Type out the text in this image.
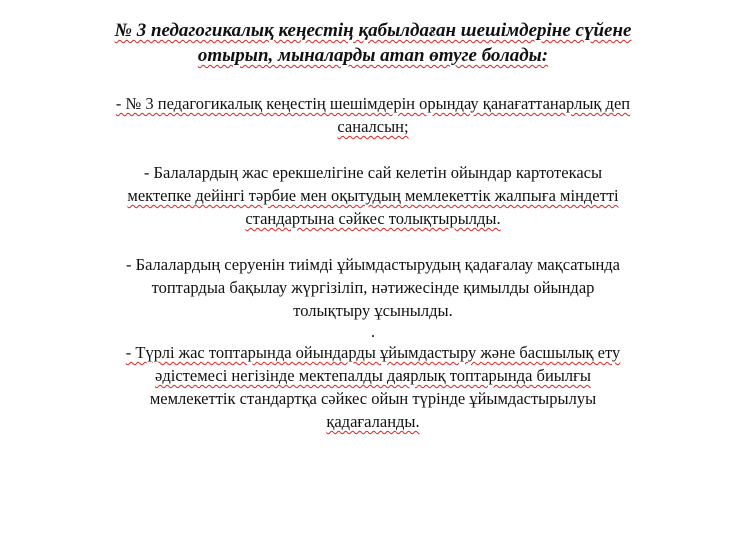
№ 3 педагогикалық кеңестің қабылдаған шешімдеріне сүйене
отырып, мыналарды атап өтуге болады:

- № 3 педагогикалық кеңестің шешімдерін орындау қанағаттанарлық деп
саналсын;

- Балалардың жас ерекшелігіне сай келетін ойындар картотекасы
мектепке дейінгі тәрбие мен оқытудың мемлекеттік жалпыға міндетті
стандартына сәйкес толықтырылды.

- Балалардың серуенін тиімді ұйымдастырудың қадағалау мақсатында
топтардыа бақылау жүргізіліп, нәтижесінде қимылды ойындар
толықтыру ұсынылды.

.

- Түрлі жас топтарында ойындарды ұйымдастыру және басшылық ету
әдістемесі негізінде мектепалды даярлық топтарында биылғы
мемлекеттік стандартқа сәйкес ойын түрінде ұйымдастырылуы
қадағаланды.
